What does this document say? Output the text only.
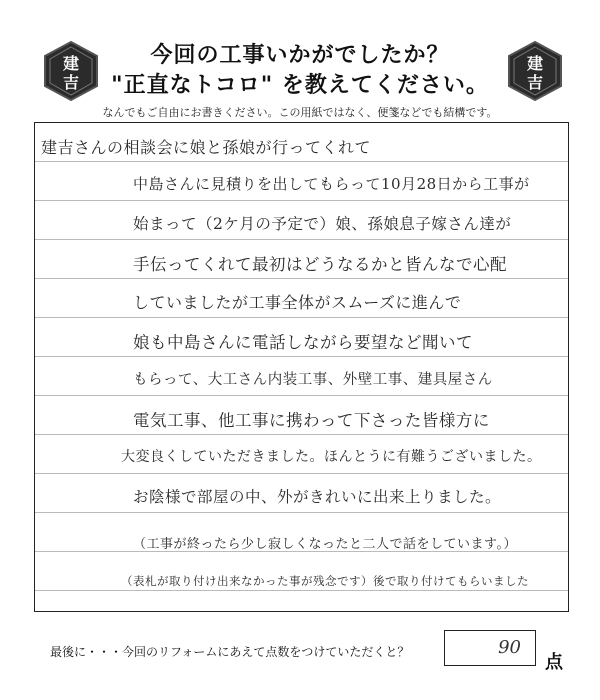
建
吉
建
吉
今回の工事いかがでしたか？
"正直なトコロ" を教えてください。
なんでもご自由にお書きください。この用紙ではなく、便箋などでも結構です。
建吉さんの相談会に娘と孫娘が行ってくれて
中島さんに見積りを出してもらって10月28日から工事が
始まって（2ケ月の予定で）娘、孫娘息子嫁さん達が
手伝ってくれて最初はどうなるかと皆んなで心配
していましたが工事全体がスムーズに進んで
娘も中島さんに電話しながら要望など聞いて
もらって、大工さん内装工事、外壁工事、建具屋さん
電気工事、他工事に携わって下さった皆様方に
大変良くしていただきました。ほんとうに有難うございました。
お陰様で部屋の中、外がきれいに出来上りました。
（工事が終ったら少し寂しくなったと二人で話をしています。）
（表札が取り付け出来なかった事が残念です）後で取り付けてもらいました
最後に・・・今回のリフォームにあえて点数をつけていただくと？	90
点
